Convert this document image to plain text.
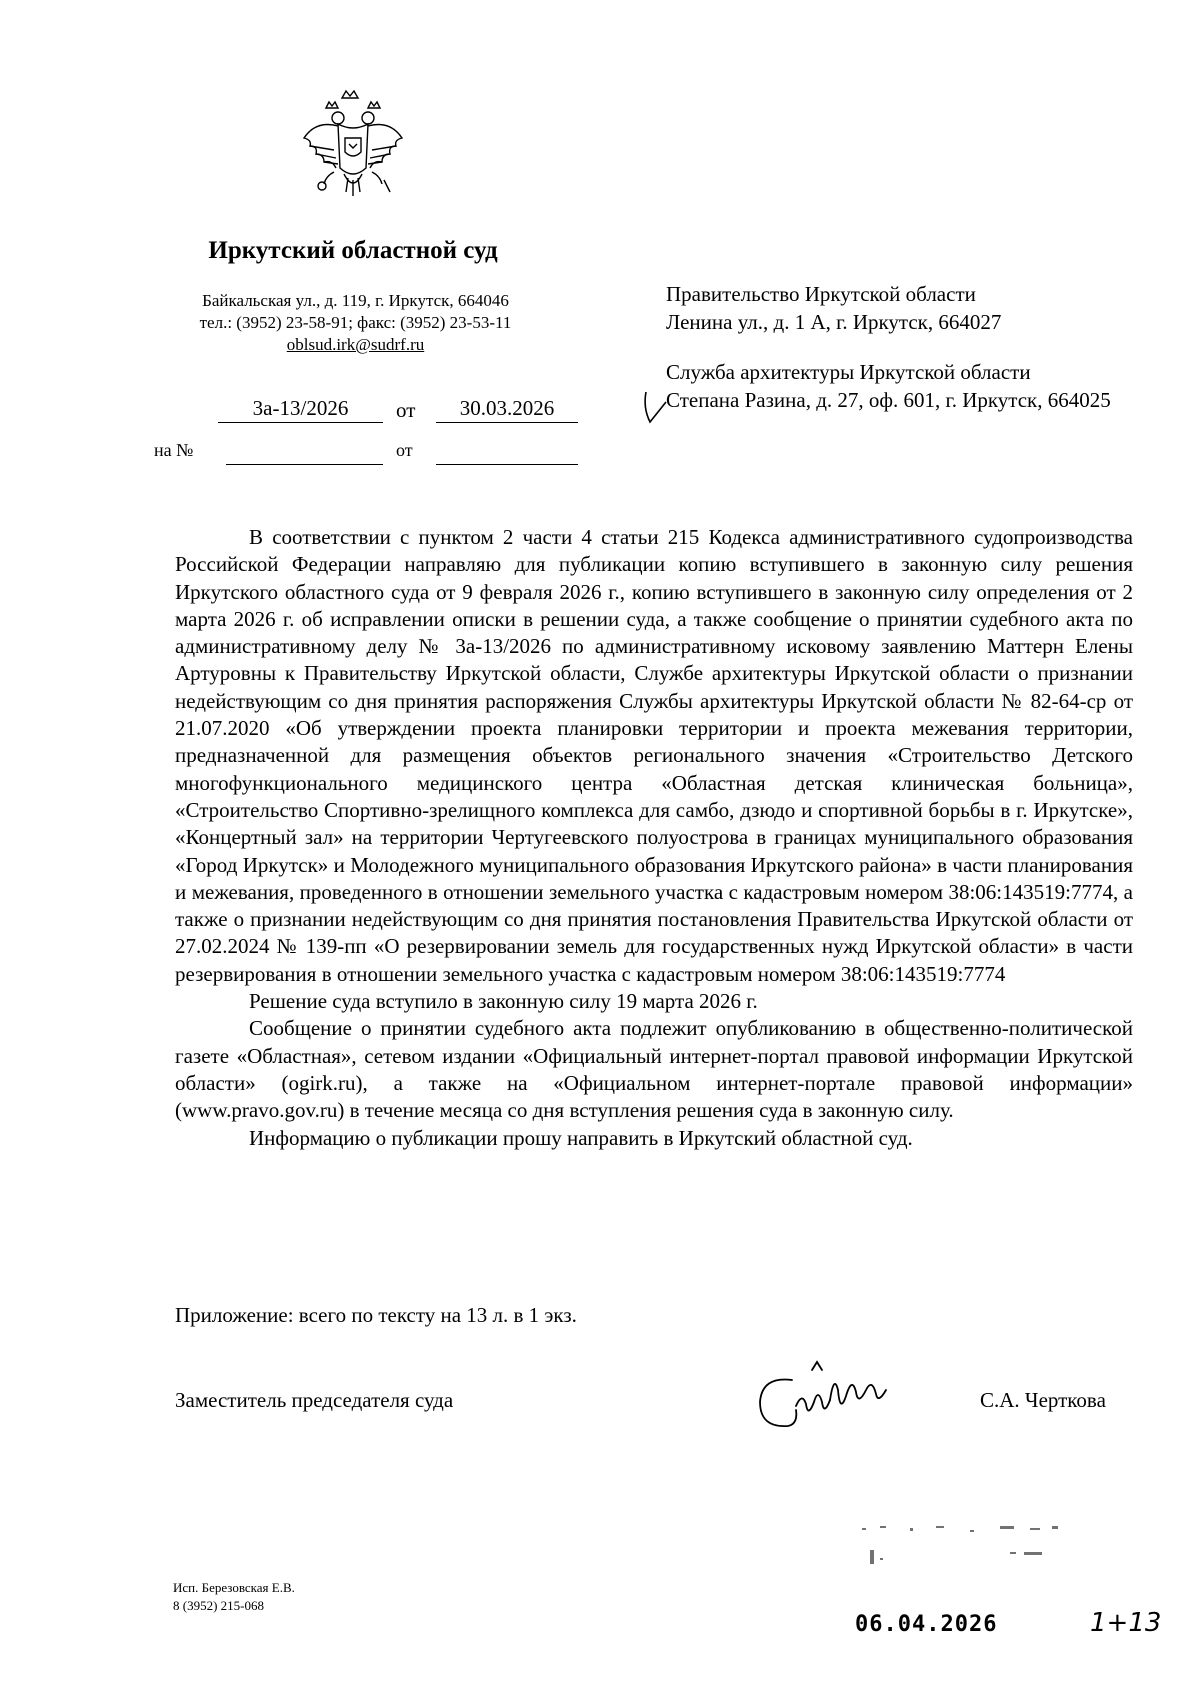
Иркутский областной суд
Байкальская ул., д. 119, г. Иркутск, 664046
тел.: (3952) 23-58-91; факс: (3952) 23-53-11
oblsud.irk@sudrf.ru
3а-13/2026	от	30.03.2026
на №	от

Правительство Иркутской области

Ленина ул., д. 1 А, г. Иркутск, 664027

Служба архитектуры Иркутской области

Степана Разина, д. 27, оф. 601, г. Иркутск, 664025

В соответствии с пунктом 2 части 4 статьи 215 Кодекса административного судопроизводства Российской Федерации направляю для публикации копию вступившего в законную силу решения Иркутского областного суда от 9 февраля 2026 г., копию вступившего в законную силу определения от 2 марта 2026 г. об исправлении описки в решении суда, а также сообщение о принятии судебного акта по административному делу № 3а-13/2026 по административному исковому заявлению Маттерн Елены Артуровны к Правительству Иркутской области, Службе архитектуры Иркутской области о признании недействующим со дня принятия распоряжения Службы архитектуры Иркутской области № 82-64-ср от 21.07.2020 «Об утверждении проекта планировки территории и проекта межевания территории, предназначенной для размещения объектов регионального значения «Строительство Детского многофункционального медицинского центра «Областная детская клиническая больница», «Строительство Спортивно-зрелищного комплекса для самбо, дзюдо и спортивной борьбы в г. Иркутске», «Концертный зал» на территории Чертугеевского полуострова в границах муниципального образования «Город Иркутск» и Молодежного муниципального образования Иркутского района» в части планирования и межевания, проведенного в отношении земельного участка с кадастровым номером 38:06:143519:7774, а также о признании недействующим со дня принятия постановления Правительства Иркутской области от 27.02.2024 № 139-пп «О резервировании земель для государственных нужд Иркутской области» в части резервирования в отношении земельного участка с кадастровым номером 38:06:143519:7774

Решение суда вступило в законную силу 19 марта 2026 г.

Сообщение о принятии судебного акта подлежит опубликованию в общественно-политической газете «Областная», сетевом издании «Официальный интернет-портал правовой информации Иркутской области» (ogirk.ru), а также на «Официальном интернет-портале правовой информации» (www.pravo.gov.ru) в течение месяца со дня вступления решения суда в законную силу.

Информацию о публикации прошу направить в Иркутский областной суд.

Приложение: всего по тексту на 13 л. в 1 экз.
Заместитель председателя суда	С.А. Черткова
Исп. Березовская Е.В.
8 (3952) 215-068
06.04.2026	1+13
